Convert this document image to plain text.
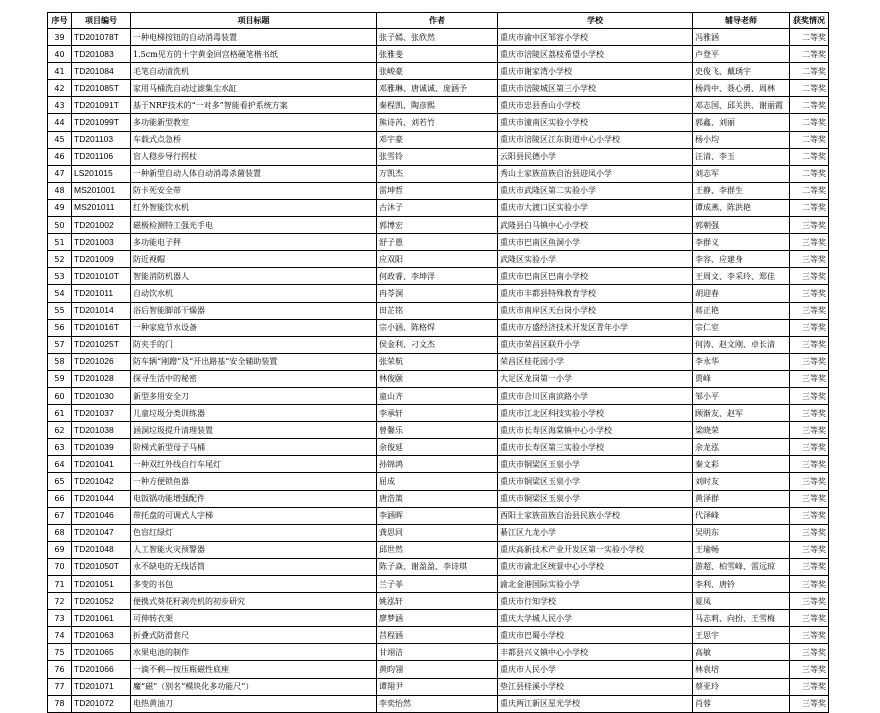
序号	项目编号	项目标题	作者	学校	辅导老师	获奖情况
39	TD201078T	一种电梯按钮的自动消毒装置	张子嫣、张欣然	重庆市渝中区邹容小学校	冯雅涵	二等奖
40	TD201083	1.5cm见方的十字黄金回宫格硬笔楷书纸	张雅斐	重庆市涪陵区荔枝希望小学校	卢登平	二等奖
41	TD201084	毛笔自动清洗机	张峻豪	重庆市谢家湾小学校	史俊飞、戴琇宇	二等奖
42	TD201085T	家用马桶洗自动过滤集尘水缸	邓雅琳、唐诚诚、庞涵予	重庆市涪陵城区第三小学校	杨尚中、聂心勇、周林	二等奖
43	TD201091T	基于NRF技术的“一对多”智能看护系统方案	秦程凯、陶彦熙	重庆市忠县香山小学校	邓志国、邱关洪、谢丽霞	二等奖
44	TD201099T	多功能新型教室	熊诗芮、刘若竹	重庆市潼南区实验小学校	郭鑫、刘丽	二等奖
45	TD201103	车载式点急桥	邓宇豪	重庆市涪陵区江东街道中心小学校	杨小均	二等奖
46	TD201106	盲人稳步导行拐杖	张雪铃	云阳县民德小学	汪清、李玉	二等奖
47	LS201015	一种新型自动人体自动消毒杀菌装置	万凯杰	秀山土家族苗族自治县迎凤小学	刘志军	二等奖
48	MS201001	防卡死安全带	雷坤哲	重庆市武隆区第二实验小学	王静、李群生	二等奖
49	MS201011	红外智能饮水机	古沐子	重庆市大渡口区实验小学	谭成燕、陈洪艳	二等奖
50	TD201002	磁极检测特工强光手电	郭博宏	武隆县白马镇中心小学校	郭朝强	三等奖
51	TD201003	多功能电子秤	舒子愚	重庆市巴南区鱼洞小学	李群义	三等奖
52	TD201009	防近视帽	应双阳	武隆区实验小学	李容、应建身	三等奖
53	TD201010T	智能消防机器人	何政睿、李坤洋	重庆市巴南区巴南小学校	王周文、李采玲、郑佳	三等奖
54	TD201011	自动饮水机	冉苓洞	重庆市丰都县特殊教育学校	胡迎春	三等奖
55	TD201014	浴后智能脚部干燥器	田芷铭	重庆市南岸区天台岗小学校	蒋正艳	三等奖
56	TD201016T	一种家庭节水设备	宗小涵、陈格焊	重庆市万盛经济技术开发区青年小学	宗仁室	三等奖
57	TD201025T	防夹手的门	侯金利、刁文杰	重庆市荣昌区联升小学	何涛、赵文刚、卓长清	三等奖
58	TD201026	防车辆“刚蹭”及“开出路基”安全辅助装置	张荣航	荣昌区桂花园小学	李永华	三等奖
59	TD201028	探寻生活中的秘密	林俊颐	大足区龙岗第一小学	贾峰	三等奖
60	TD201030	新型多用安全刀	童山齐	重庆市合川区南滨路小学	邹小平	三等奖
61	TD201037	儿童垃圾分类训练器	李承轩	重庆市江北区科技实验小学校	顾渐友、赵军	三等奖
62	TD201038	涵洞垃圾提升清理装置	曾馨乐	重庆市长寿区海棠镇中心小学校	梁晓荣	三等奖
63	TD201039	阶梯式新型母子马桶	余俊延	重庆市长寿区第三实验小学校	余龙泓	三等奖
64	TD201041	一种双红外线自行车尾灯	孙锦鸿	重庆市铜梁区玉泉小学	秦文彩	三等奖
65	TD201042	一种方便锁鱼器	屈成	重庆市铜梁区玉泉小学	刘时友	三等奖
66	TD201044	电饭锅功能增强配件	唐浩策	重庆市铜梁区玉泉小学	黄泽群	三等奖
67	TD201046	带托盘的可调式人字梯	李涵晖	酉阳土家族苗族自治县民族小学校	代泽峰	三等奖
68	TD201047	色盲红绿灯	龚思同	綦江区九龙小学	吴明东	三等奖
69	TD201048	人工智能火灾预警器	邱世然	重庆高新技术产业开发区第一实验小学校	王瑜畅	三等奖
70	TD201050T	永不缺电的无线话筒	陈子焱、谢盈盈、李诗琪	重庆市渝北区统景中心小学校	游超、柏雪峰、雷远琼	三等奖
71	TD201051	多变的书包	兰子菲	渝北金港国际实验小学	李利、唐钤	三等奖
72	TD201052	便携式葵花籽剥壳机的初步研究	姚泓轩	重庆市行知学校	夏凤	三等奖
73	TD201061	可伸转衣架	廖梦涵	重庆大学城人民小学	马志莉、向扮、王雪梅	三等奖
74	TD201063	折叠式防滑套尺	莒程涵	重庆市巴蜀小学校	王思宇	三等奖
75	TD201065	水果电池的制作	甘翊洁	丰都县兴义镇中心小学校	高敏	三等奖
76	TD201066	一滴不剩—按压瓶磁性底座	黄昀翎	重庆市人民小学	林袁培	三等奖
77	TD201071	魔“磁”（别名“模块化多功能尺”）	谭翔尹	垫江县桂溪小学校	蔡亚玲	三等奖
78	TD201072	电热黄油刀	李奕怡然	重庆两江新区星光学校	肖蓉	三等奖
